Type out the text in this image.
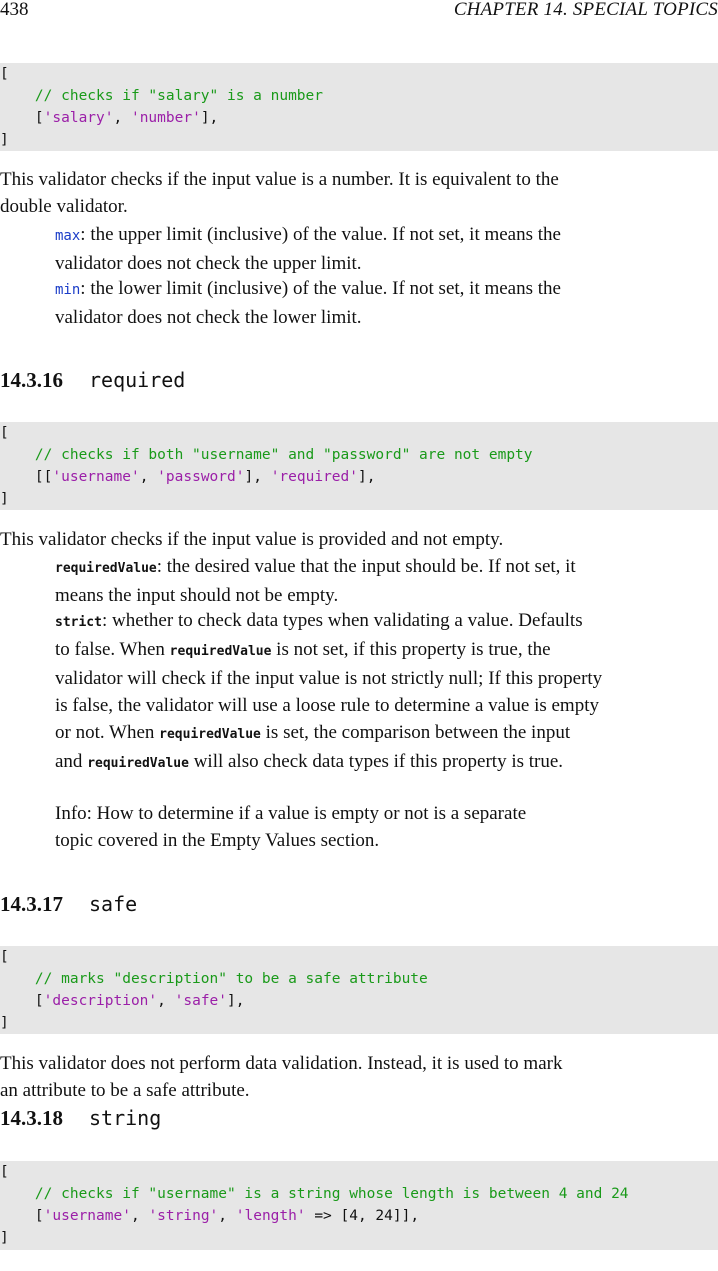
438	CHAPTER 14. SPECIAL TOPICS

[

// checks if "salary" is a number

['salary', 'number'],

]

This validator checks if the input value is a number. It is equivalent to the
double validator.
max: the upper limit (inclusive) of the value. If not set, it means the
validator does not check the upper limit.
min: the lower limit (inclusive) of the value. If not set, it means the
validator does not check the lower limit.
14.3.16 required

[

// checks if both "username" and "password" are not empty

[['username', 'password'], 'required'],

]

This validator checks if the input value is provided and not empty.
requiredValue: the desired value that the input should be. If not set, it
means the input should not be empty.
strict: whether to check data types when validating a value. Defaults
to false. When requiredValue is not set, if this property is true, the
validator will check if the input value is not strictly null; If this property
is false, the validator will use a loose rule to determine a value is empty
or not. When requiredValue is set, the comparison between the input
and requiredValue will also check data types if this property is true.
Info: How to determine if a value is empty or not is a separate
topic covered in the Empty Values section.
14.3.17 safe

[

// marks "description" to be a safe attribute

['description', 'safe'],

]

This validator does not perform data validation. Instead, it is used to mark
an attribute to be a safe attribute.
14.3.18 string

[

// checks if "username" is a string whose length is between 4 and 24

['username', 'string', 'length' => [4, 24]],

]
